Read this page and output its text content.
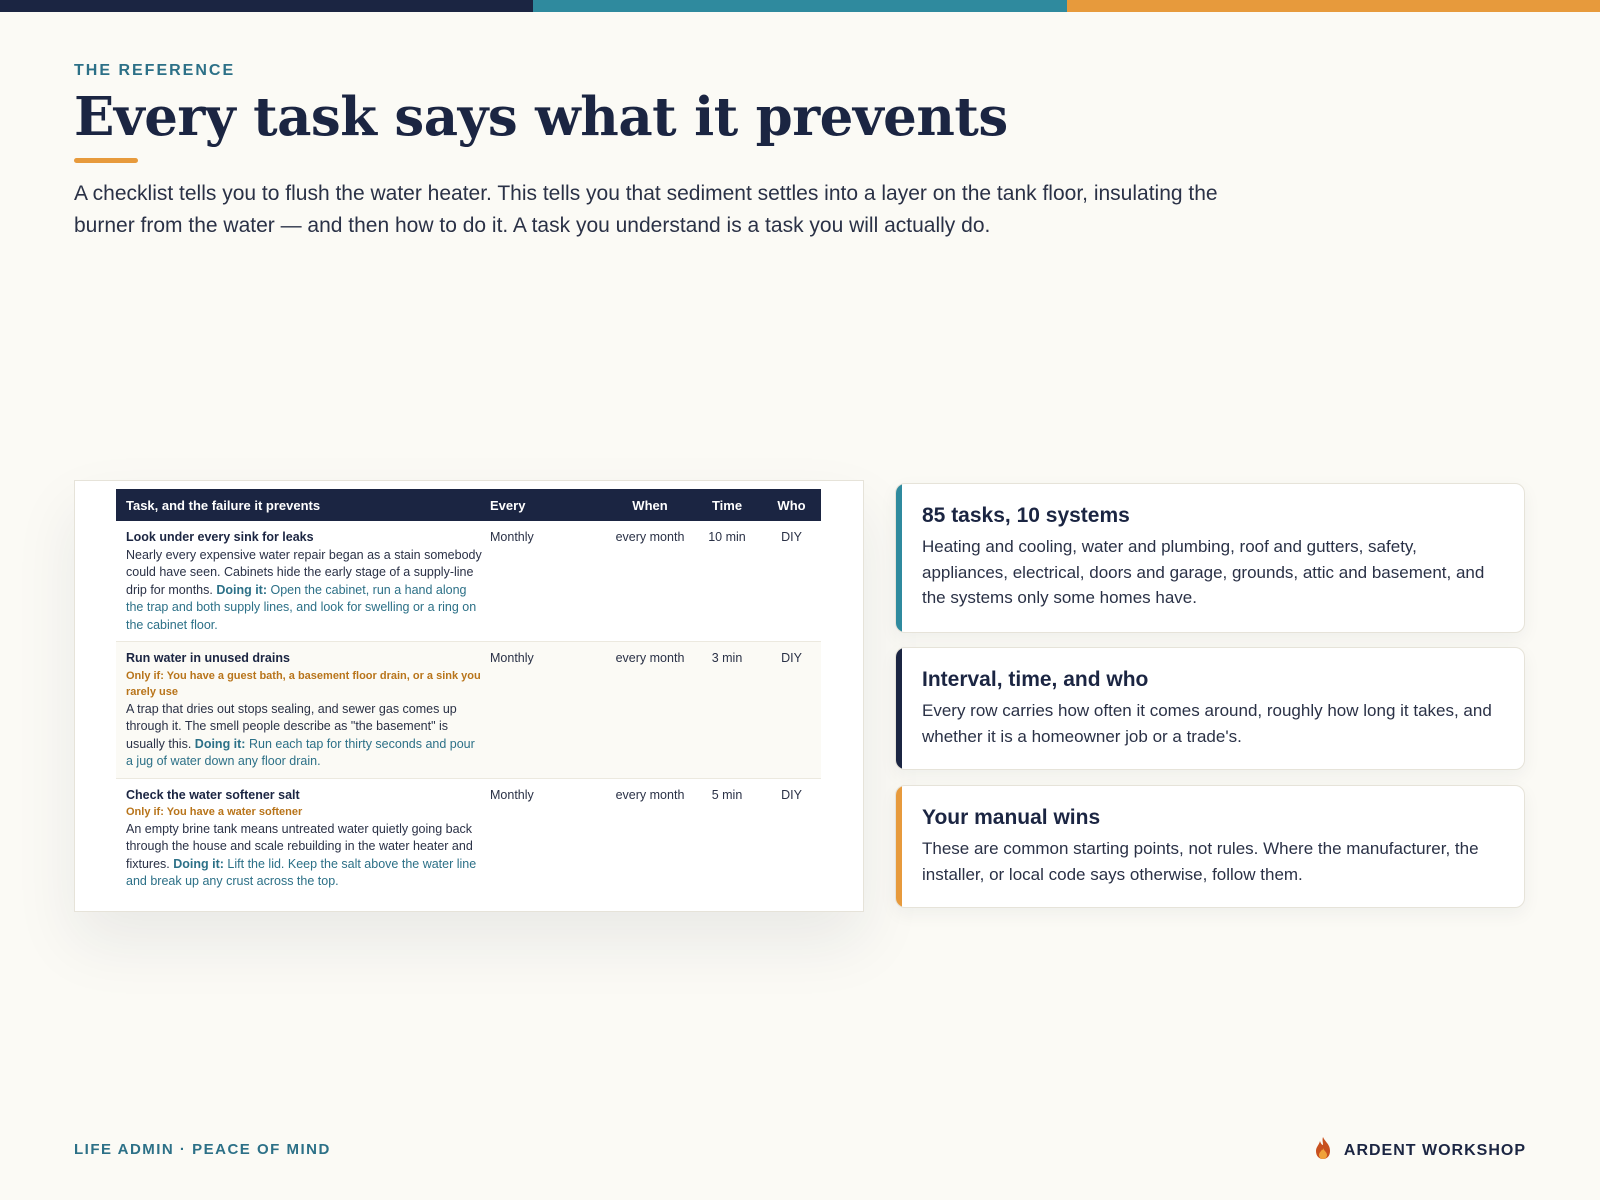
THE REFERENCE
Every task says what it prevents

A checklist tells you to flush the water heater. This tells you that sediment settles into a layer on the tank floor, insulating the burner from the water — and then how to do it. A task you understand is a task you will actually do.

Task, and the failure it prevents	Every	When	Time	Who
Look under every sink for leaks
Nearly every expensive water repair began as a stain somebody could have seen. Cabinets hide the early stage of a supply-line drip for months. Doing it: Open the cabinet, run a hand along the trap and both supply lines, and look for swelling or a ring on the cabinet floor.
Monthly	every month	10 min	DIY
Run water in unused drains
Only if: You have a guest bath, a basement floor drain, or a sink you rarely use
A trap that dries out stops sealing, and sewer gas comes up through it. The smell people describe as "the basement" is usually this. Doing it: Run each tap for thirty seconds and pour a jug of water down any floor drain.
Monthly	every month	3 min	DIY
Check the water softener salt
Only if: You have a water softener
An empty brine tank means untreated water quietly going back through the house and scale rebuilding in the water heater and fixtures. Doing it: Lift the lid. Keep the salt above the water line and break up any crust across the top.
Monthly	every month	5 min	DIY
85 tasks, 10 systems

Heating and cooling, water and plumbing, roof and gutters, safety, appliances, electrical, doors and garage, grounds, attic and basement, and the systems only some homes have.

Interval, time, and who

Every row carries how often it comes around, roughly how long it takes, and whether it is a homeowner job or a trade's.

Your manual wins

These are common starting points, not rules. Where the manufacturer, the installer, or local code says otherwise, follow them.

LIFE ADMIN · PEACE OF MIND	ARDENT WORKSHOP
